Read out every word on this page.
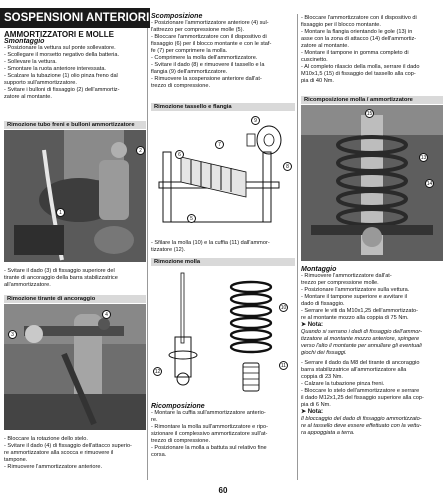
SOSPENSIONI ANTERIORI

AMMORTIZZATORI E MOLLE

Smontaggio

- Posizionare la vettura sul ponte sollevatore.

- Scollegare il morsetto negativo della batteria.

- Sollevare la vettura.

- Smontare la ruota anteriore interessata.

- Scalzare la tubazione (1) olio pinza freno dal

supporto sull'ammortizzatore.

- Svitare i bulloni di fissaggio (2) dell'ammortiz-

zatore al montante.

Rimozione tubo freni e bulloni ammortizzatore
1
2

- Svitare il dado (3) di fissaggio superiore del

tirante di ancoraggio della barra stabilizzatrice

all'ammortizzatore.

Rimozione tirante di ancoraggio
4
3

- Bloccare la rotazione dello stelo.

- Svitare il dado (4) di fissaggio dell'attacco superio-

re ammortizzatore alla scocca e rimuovere il

tampone.

- Rimuovere l'ammortizzatore anteriore.

Scomposizione

- Posizionare l'ammortizzatore anteriore (4) sul-

l'attrezzo per compressione molle (5).

- Bloccare l'ammortizzatore con il dispositivo di

fissaggio (6) per il blocco montante e con le staf-

fe (7) per comprimere la molla.

- Comprimere la molla dell'ammortizzatore.

- Svitare il dado (8) e rimuovere il tassello e la

flangia (9) dell'ammortizzatore.

- Rimuovere la sospensione anteriore dall'at-

trezzo di compressione.

Rimozione tassello e flangia
5
6
7
8
9

- Sfilare la molla (10) e la cuffia (11) dall'ammor-

tizzatore (12).

Rimozione molla
10
11
12

Ricomposizione

- Montare la cuffia sull'ammortizzatore anterio-

re.

- Rimontare la molla sull'ammortizzatore e ripo-

sizionare il complessivo ammortizzatore sull'at-

trezzo di compressione.

- Posizionare la molla a battuta sul relativo fine

corsa.

- Bloccare l'ammortizzatore con il dispositivo di

fissaggio per il blocco montante.

- Montare la flangia orientando le gole (13) in

asse con la zona di attacco (14) dell'ammortiz-

zatore al montante.

- Montare il tampone in gomma completo di

cuscinetto.

- Al completo rilascio della molla, serrare il dado

M10x1,5 (15) di fissaggio del tassello alla cop-

pia di 40 Nm.

Ricomposizione molla / ammortizzatore
13
14
15

Montaggio

- Rimuovere l'ammortizzatore dall'at-

trezzo per compressione molle.

- Posizionare l'ammortizzatore sulla vettura.

- Montare il tampone superiore e avvitare il

dado di fissaggio.

- Serrare le viti da M10x1,25 dell'ammortizzato-

re al montante mozzo alla coppia di 75 Nm.

➤ Nota:

Quando si serrano i dadi di fissaggio dell'ammor-

tizzatore al montante mozzo anteriore, spingere

verso l'alto il montante per annullare gli eventuali

giochi dei fissaggi.

- Serrare il dado da M8 del tirante di ancoraggio

barra stabilizzatrice all'ammortizzatore alla

coppia di 23 Nm.

- Calzare la tubazione pinza freni.

- Bloccare lo stelo dell'ammortizzatore e serrare

il dado M12x1,25 del fissaggio superiore alla cop-

pia di 6 Nm.

➤ Nota:

Il bloccaggio del dado di fissaggio ammortizzato-

re al tassello deve essere effettuato con la vettu-

ra appoggiata a terra.

60
